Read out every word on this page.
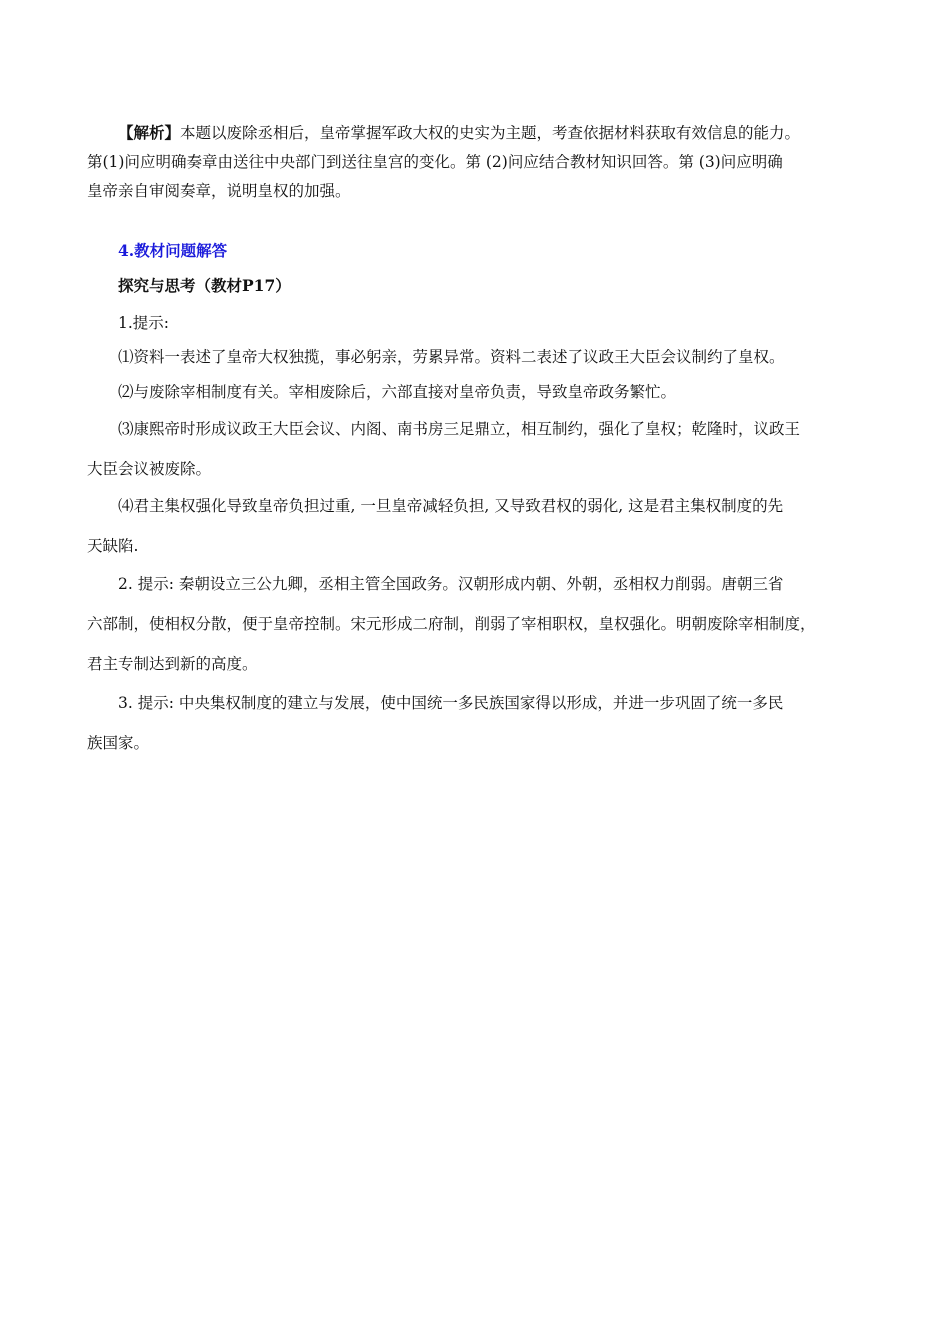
【解析】本题以废除丞相后，皇帝掌握军政大权的史实为主题，考查依据材料获取有效信息的能力。
第(1)问应明确奏章由送往中央部门到送往皇宫的变化。第 (2)问应结合教材知识回答。第 (3)问应明确
皇帝亲自审阅奏章，说明皇权的加强。
4.教材问题解答
探究与思考（教材P17）
1.提示:
⑴资料一表述了皇帝大权独揽，事必躬亲，劳累异常。资料二表述了议政王大臣会议制约了皇权。
⑵与废除宰相制度有关。宰相废除后，六部直接对皇帝负责，导致皇帝政务繁忙。
⑶康熙帝时形成议政王大臣会议、内阁、南书房三足鼎立，相互制约，强化了皇权；乾隆时，议政王
大臣会议被废除。
⑷君主集权强化导致皇帝负担过重, 一旦皇帝减轻负担, 又导致君权的弱化, 这是君主集权制度的先
天缺陷.
2. 提示: 秦朝设立三公九卿，丞相主管全国政务。汉朝形成内朝、外朝，丞相权力削弱。唐朝三省
六部制，使相权分散，便于皇帝控制。宋元形成二府制，削弱了宰相职权，皇权强化。明朝废除宰相制度，
君主专制达到新的高度。
3. 提示: 中央集权制度的建立与发展，使中国统一多民族国家得以形成，并进一步巩固了统一多民
族国家。
